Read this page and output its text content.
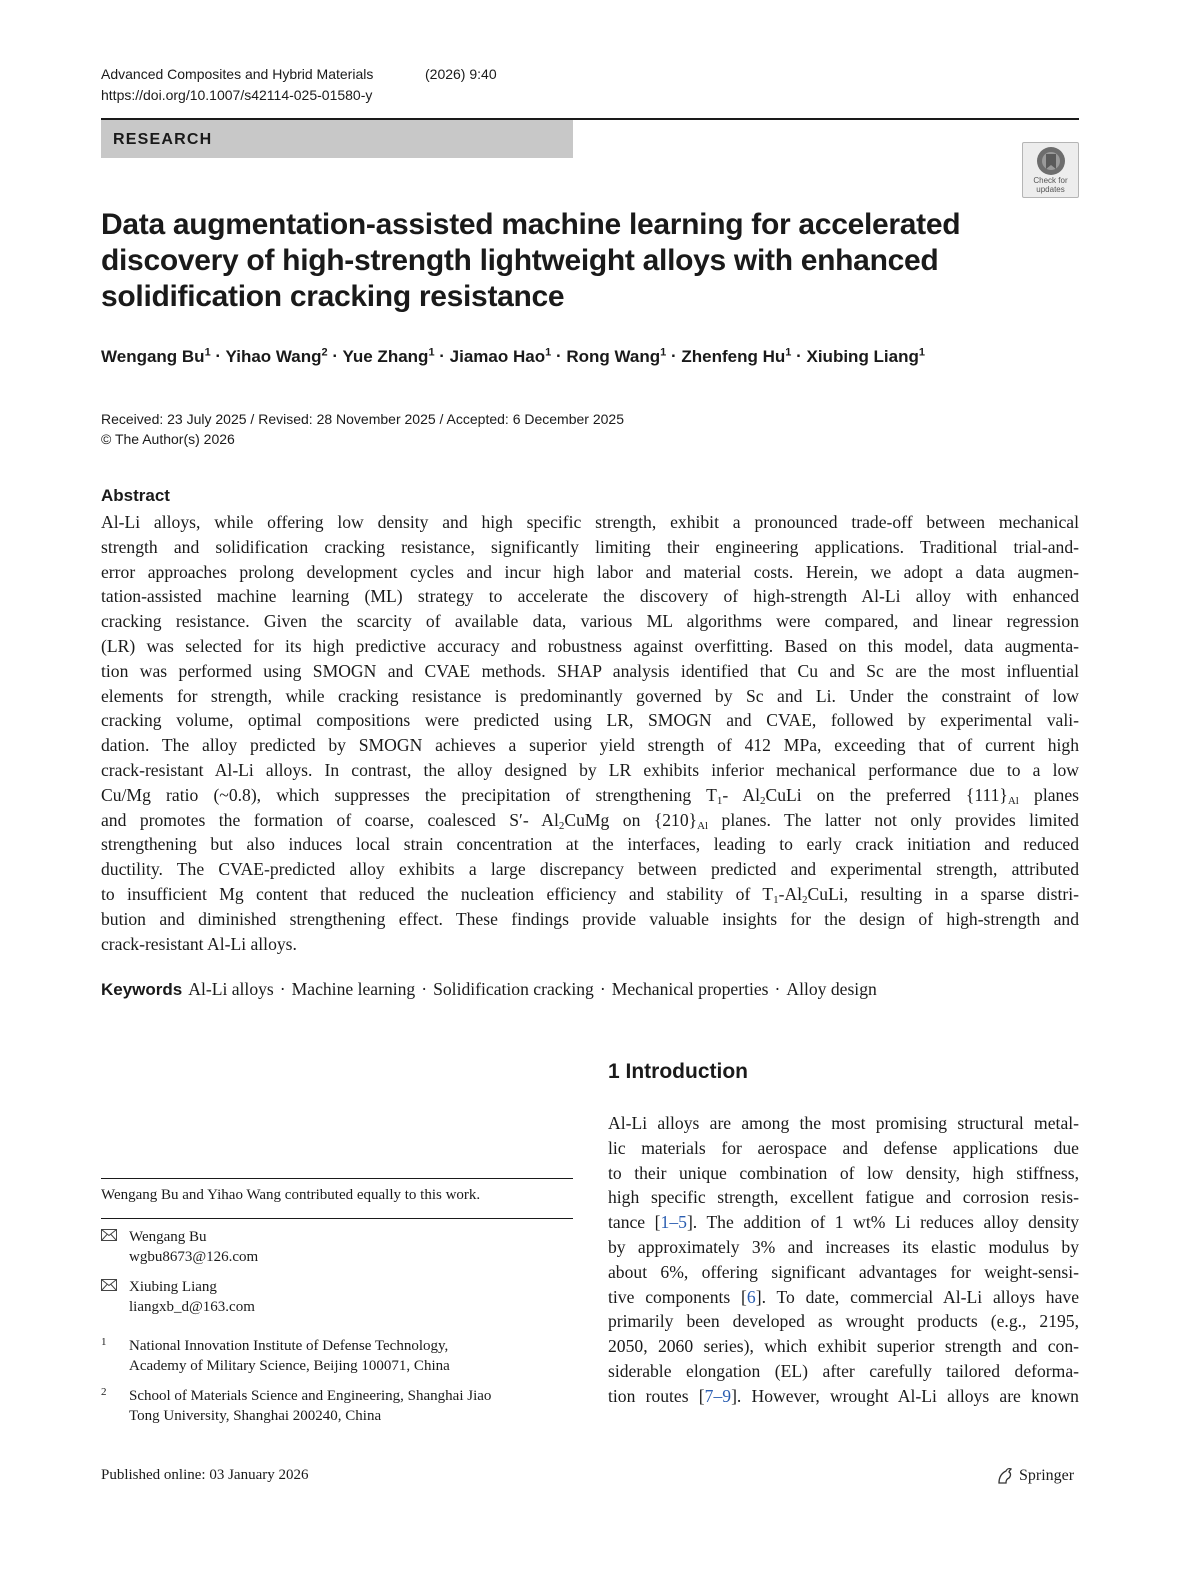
Advanced Composites and Hybrid Materials	(2026) 9:40
https://doi.org/10.1007/s42114-025-01580-y
RESEARCH
Check for updates
Data augmentation-assisted machine learning for accelerated
discovery of high-strength lightweight alloys with enhanced
solidification cracking resistance
Wengang $Bu^1$ · Yihao Wang$^2$ · Yue Zhang$^1$ · Jiamao Hao$^1$ · Rong Wang$^1$ · Zhenfeng $Hu^1$ · Xiubing Liang$^1$
Received: 23 July 2025 / Revised: 28 November 2025 / Accepted: 6 December 2025
© The Author(s) 2026
Abstract
Al-Li alloys, while offering low density and high specific strength, exhibit a pronounced trade-off between mechanical
strength and solidification cracking resistance, significantly limiting their engineering applications. Traditional trial-and-
error approaches prolong development cycles and incur high labor and material costs. Herein, we adopt a data augmen-
tation-assisted machine learning (ML) strategy to accelerate the discovery of high-strength Al-Li alloy with enhanced
cracking resistance. Given the scarcity of available data, various ML algorithms were compared, and linear regression
(LR) was selected for its high predictive accuracy and robustness against overfitting. Based on this model, data augmenta-
tion was performed using SMOGN and CVAE methods. SHAP analysis identified that Cu and Sc are the most influential
elements for strength, while cracking resistance is predominantly governed by Sc and Li. Under the constraint of low
cracking volume, optimal compositions were predicted using LR, SMOGN and CVAE, followed by experimental vali-
dation. The alloy predicted by SMOGN achieves a superior yield strength of 412 MPa, exceeding that of current high
crack-resistant Al-Li alloys. In contrast, the alloy designed by LR exhibits inferior mechanical performance due to a low
Cu/Mg ratio (~0.8), which suppresses the precipitation of strengthening $T_1-$ $Al_2CuLi$ on the preferred $\{111\}_{Al}$ planes
and promotes the formation of coarse, coalesced S′- $Al_2CuMg$ on $\{210\}_{Al}$ planes. The latter not only provides limited
strengthening but also induces local strain concentration at the interfaces, leading to early crack initiation and reduced
ductility. The CVAE-predicted alloy exhibits a large discrepancy between predicted and experimental strength, attributed
to insufficient Mg content that reduced the nucleation efficiency and stability of $T_1-Al_2CuLi$, resulting in a sparse distri-
bution and diminished strengthening effect. These findings provide valuable insights for the design of high-strength and
crack-resistant Al-Li alloys.
Keywords Al-Li alloys · Machine learning · Solidification cracking · Mechanical properties · Alloy design
1 Introduction
Al-Li alloys are among the most promising structural metal-
lic materials for aerospace and defense applications due
to their unique combination of low density, high stiffness,
high specific strength, excellent fatigue and corrosion resis-
tance [1–5]. The addition of 1 wt% Li reduces alloy density
by approximately 3% and increases its elastic modulus by
about 6%, offering significant advantages for weight-sensi-
tive components [6]. To date, commercial Al-Li alloys have
primarily been developed as wrought products (e.g., 2195,
2050, 2060 series), which exhibit superior strength and con-
siderable elongation (EL) after carefully tailored deforma-
tion routes [7–9]. However, wrought Al-Li alloys are known
Wengang Bu and Yihao Wang contributed equally to this work.
Wengang Bu
wgbu8673@126.com
Xiubing Liang
liangxb_d@163.com
1 National Innovation Institute of Defense Technology,
Academy of Military Science, Beijing 100071, China
2 School of Materials Science and Engineering, Shanghai Jiao
Tong University, Shanghai 200240, China
Published online: 03 January 2026	Springer
